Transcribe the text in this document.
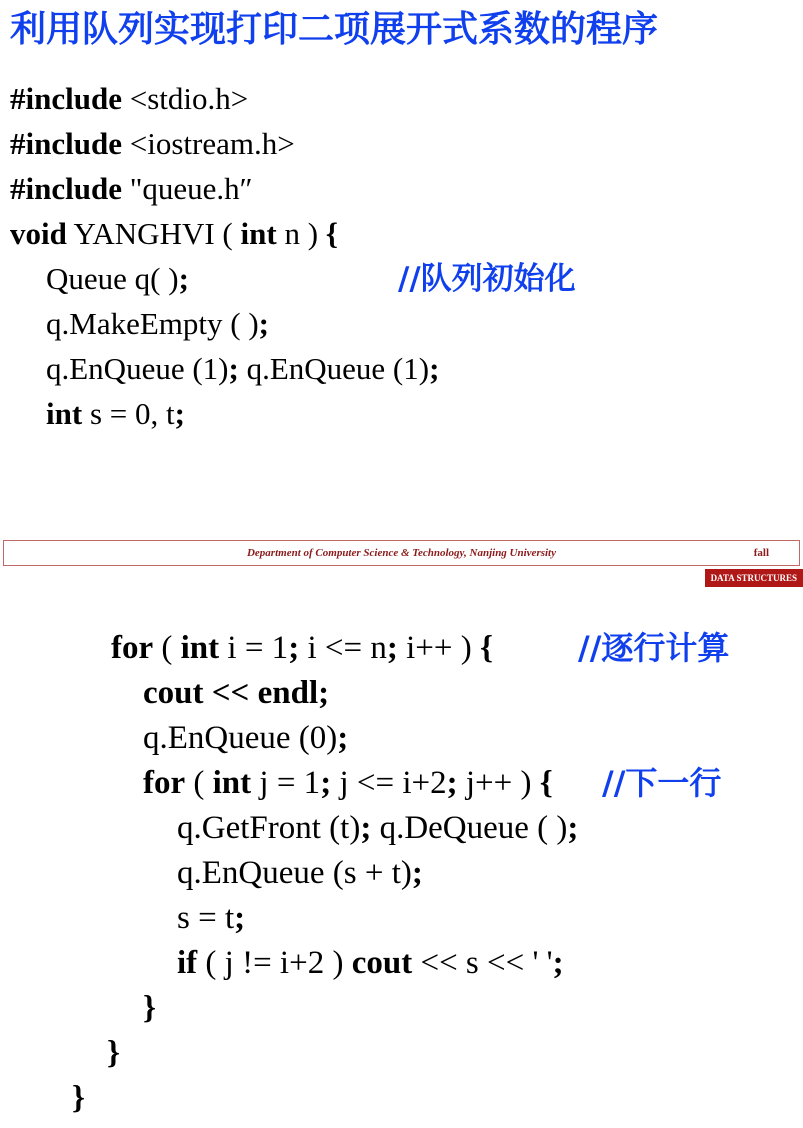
利用队列实现打印二项展开式系数的程序
#include <stdio.h>
#include <iostream.h>
#include "queue.h″
void YANGHVI ( int n ) {
Queue q( );	//队列初始化
q.MakeEmpty ( );
q.EnQueue (1); q.EnQueue (1);
int s = 0, t;
Department of Computer Science & Technology, Nanjing University	fall
DATA STRUCTURES
for ( int i = 1; i <= n; i++ ) {	//逐行计算
cout << endl;
q.EnQueue (0);
for ( int j = 1; j <= i+2; j++ ) { //下一行
q.GetFront (t); q.DeQueue ( );
q.EnQueue (s + t);
s = t;
if ( j != i+2 ) cout << s << ' ';
}
}
}
